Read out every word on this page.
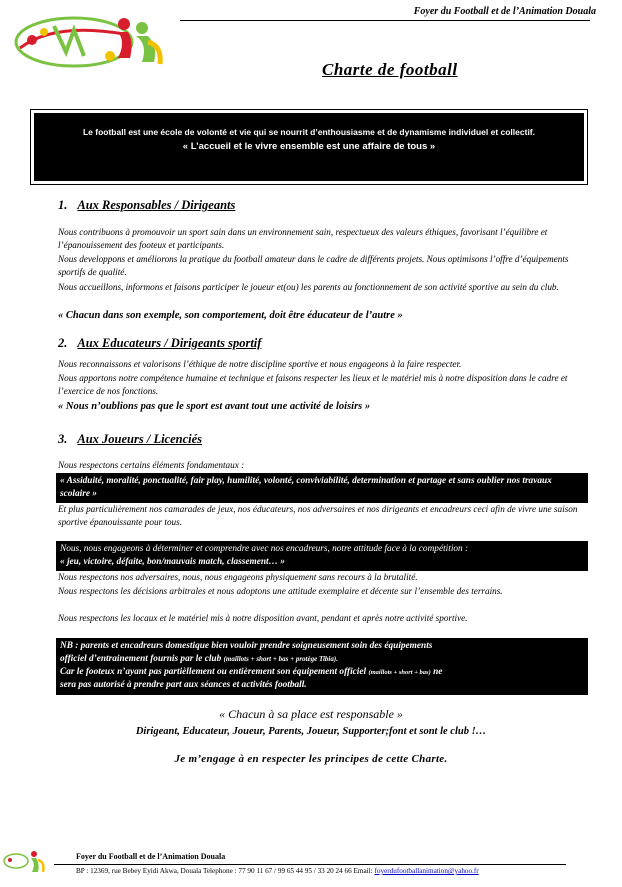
Foyer du Football et de l’Animation Douala
Charte de football
Le football est une école de volonté et vie qui se nourrit d’enthousiasme et de dynamisme individuel et collectif.
« L’accueil et le vivre ensemble est une affaire de tous »
1. Aux Responsables / Dirigeants
Nous contribuons à promouvoir un sport sain dans un environnement sain, respectueux des valeurs éthiques, favorisant l’équilibre et l’épanouissement des footeux et participants.
Nous developpons et améliorons la pratique du football amateur dans le cadre de différents projets. Nous optimisons l’offre d’équipements sportifs de qualité.
Nous accueillons, informons et faisons participer le joueur et(ou) les parents au fonctionnement de son activité sportive au sein du club.
« Chacun dans son exemple, son comportement, doit être éducateur de l’autre »
2. Aux Educateurs / Dirigeants sportif
Nous reconnaissons et valorisons l’éthique de notre discipline sportive et nous engageons à la faire respecter.
Nous apportons notre compétence humaine et technique et faisons respecter les lieux et le matériel mis à notre disposition dans le cadre et l’exercice de nos fonctions.
« Nous n’oublions pas que le sport est avant tout une activité de loisirs »
3. Aux Joueurs / Licenciés
Nous respectons certains éléments fondamentaux :
« Assiduité, moralité, ponctualité, fair play, humilité, volonté, conviviabilité, determination et partage et sans oublier nos travaux scolaire »
Et plus particulièrement nos camarades de jeux, nos éducateurs, nos adversaires et nos dirigeants et encadreurs ceci afin de vivre une saison sportive épanouissante pour tous.
Nous, nous engageons à déterminer et comprendre avec nos encadreurs, notre attitude face à la compétition :
« jeu, victoire, défaite, bon/mauvais match, classement… »
Nous respectons nos adversaires, nous, nous engageons physiquement sans recours à la brutalité.
Nous respectons les décisions arbitrales et nous adoptons une attitude exemplaire et décente sur l’ensemble des terrains.
Nous respectons les locaux et le matériel mis à notre disposition avant, pendant et après notre activité sportive.
NB : parents et encadreurs domestique bien vouloir prendre soigneusement soin des équipements
officiel d’entrainement fournis par le club (maillots + short + bas + protège Tibia).
Car le footeux n’ayant pas partièllement ou entièrement son équipement officiel (maillots + short + bas) ne
sera pas autorisé à prendre part aux séances et activités football.
« Chacun à sa place est responsable »
Dirigeant, Educateur, Joueur, Parents, Joueur, Supporter;font et sont le club !…
Je m’engage à en respecter les principes de cette Charte.
Foyer du Football et de l’Animation Douala
BP : 12369, rue Bebey Eyidi Akwa, Douala Telephone : 77 90 11 67 / 99 65 44 95 / 33 20 24 66 Email: foyerdufootballanimation@yahoo.fr
